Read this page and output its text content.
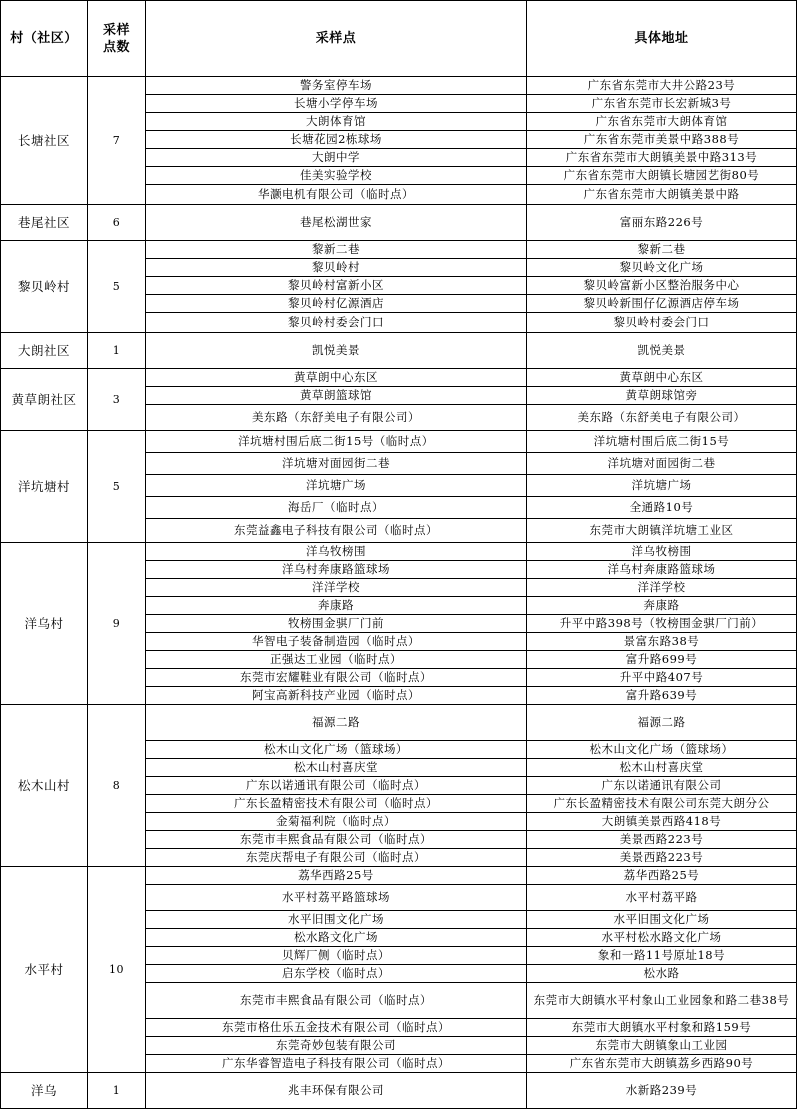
村（社区）	采样点数	采样点	具体地址
长塘社区	7	警务室停车场	广东省东莞市大井公路23号
		长塘小学停车场	广东省东莞市长宏新城3号
		大朗体育馆	广东省东莞市大朗体育馆
		长塘花园2栋球场	广东省东莞市美景中路388号
		大朗中学	广东省东莞市大朗镇美景中路313号
		佳美实验学校	广东省东莞市大朗镇长塘园艺街80号
		华灏电机有限公司（临时点）	广东省东莞市大朗镇美景中路
巷尾社区	6	巷尾松湖世家	富丽东路226号
黎贝岭村	5	黎新二巷	黎新二巷
		黎贝岭村	黎贝岭文化广场
		黎贝岭村富新小区	黎贝岭富新小区整治服务中心
		黎贝岭村亿源酒店	黎贝岭新围仔亿源酒店停车场
		黎贝岭村委会门口	黎贝岭村委会门口
大朗社区	1	凯悦美景	凯悦美景
黄草朗社区	3	黄草朗中心东区	黄草朗中心东区
		黄草朗篮球馆	黄草朗球馆旁
		美东路（东舒美电子有限公司）	美东路（东舒美电子有限公司）
洋坑塘村	5	洋坑塘村围后底二街15号（临时点）	洋坑塘村围后底二街15号
		洋坑塘对面园街二巷	洋坑塘对面园街二巷
		洋坑塘广场	洋坑塘广场
		海岳厂（临时点）	全通路10号
		东莞益鑫电子科技有限公司（临时点）	东莞市大朗镇洋坑塘工业区
洋乌村	9	洋乌牧榜围	洋乌牧榜围
		洋乌村奔康路篮球场	洋乌村奔康路篮球场
		洋洋学校	洋洋学校
		奔康路	奔康路
		牧榜围金骐厂门前	升平中路398号（牧榜围金骐厂门前）
		华智电子装备制造园（临时点）	景富东路38号
		正强达工业园（临时点）	富升路699号
		东莞市宏耀鞋业有限公司（临时点）	升平中路407号
		阿宝高新科技产业园（临时点）	富升路639号
松木山村	8	福源二路	福源二路
		松木山文化广场（篮球场）	松木山文化广场（篮球场）
		松木山村喜庆堂	松木山村喜庆堂
		广东以诺通讯有限公司（临时点）	广东以诺通讯有限公司
		广东长盈精密技术有限公司（临时点）	广东长盈精密技术有限公司东莞大朗分公
		金菊福利院（临时点）	大朗镇美景西路418号
		东莞市丰熙食品有限公司（临时点）	美景西路223号
		东莞庆帮电子有限公司（临时点）	美景西路223号
水平村	10	荔华西路25号	荔华西路25号
		水平村荔平路篮球场	水平村荔平路
		水平旧围文化广场	水平旧围文化广场
		松水路文化广场	水平村松水路文化广场
		贝辉厂侧（临时点）	象和一路11号原址18号
		启东学校（临时点）	松水路
		东莞市丰熙食品有限公司（临时点）	东莞市大朗镇水平村象山工业园象和路二巷38号
		东莞市格仕乐五金技术有限公司（临时点）	东莞市大朗镇水平村象和路159号
		东莞奇妙包装有限公司	东莞市大朗镇象山工业园
		广东华睿智造电子科技有限公司（临时点）	广东省东莞市大朗镇荔乡西路90号
洋乌	1	兆丰环保有限公司	水新路239号
